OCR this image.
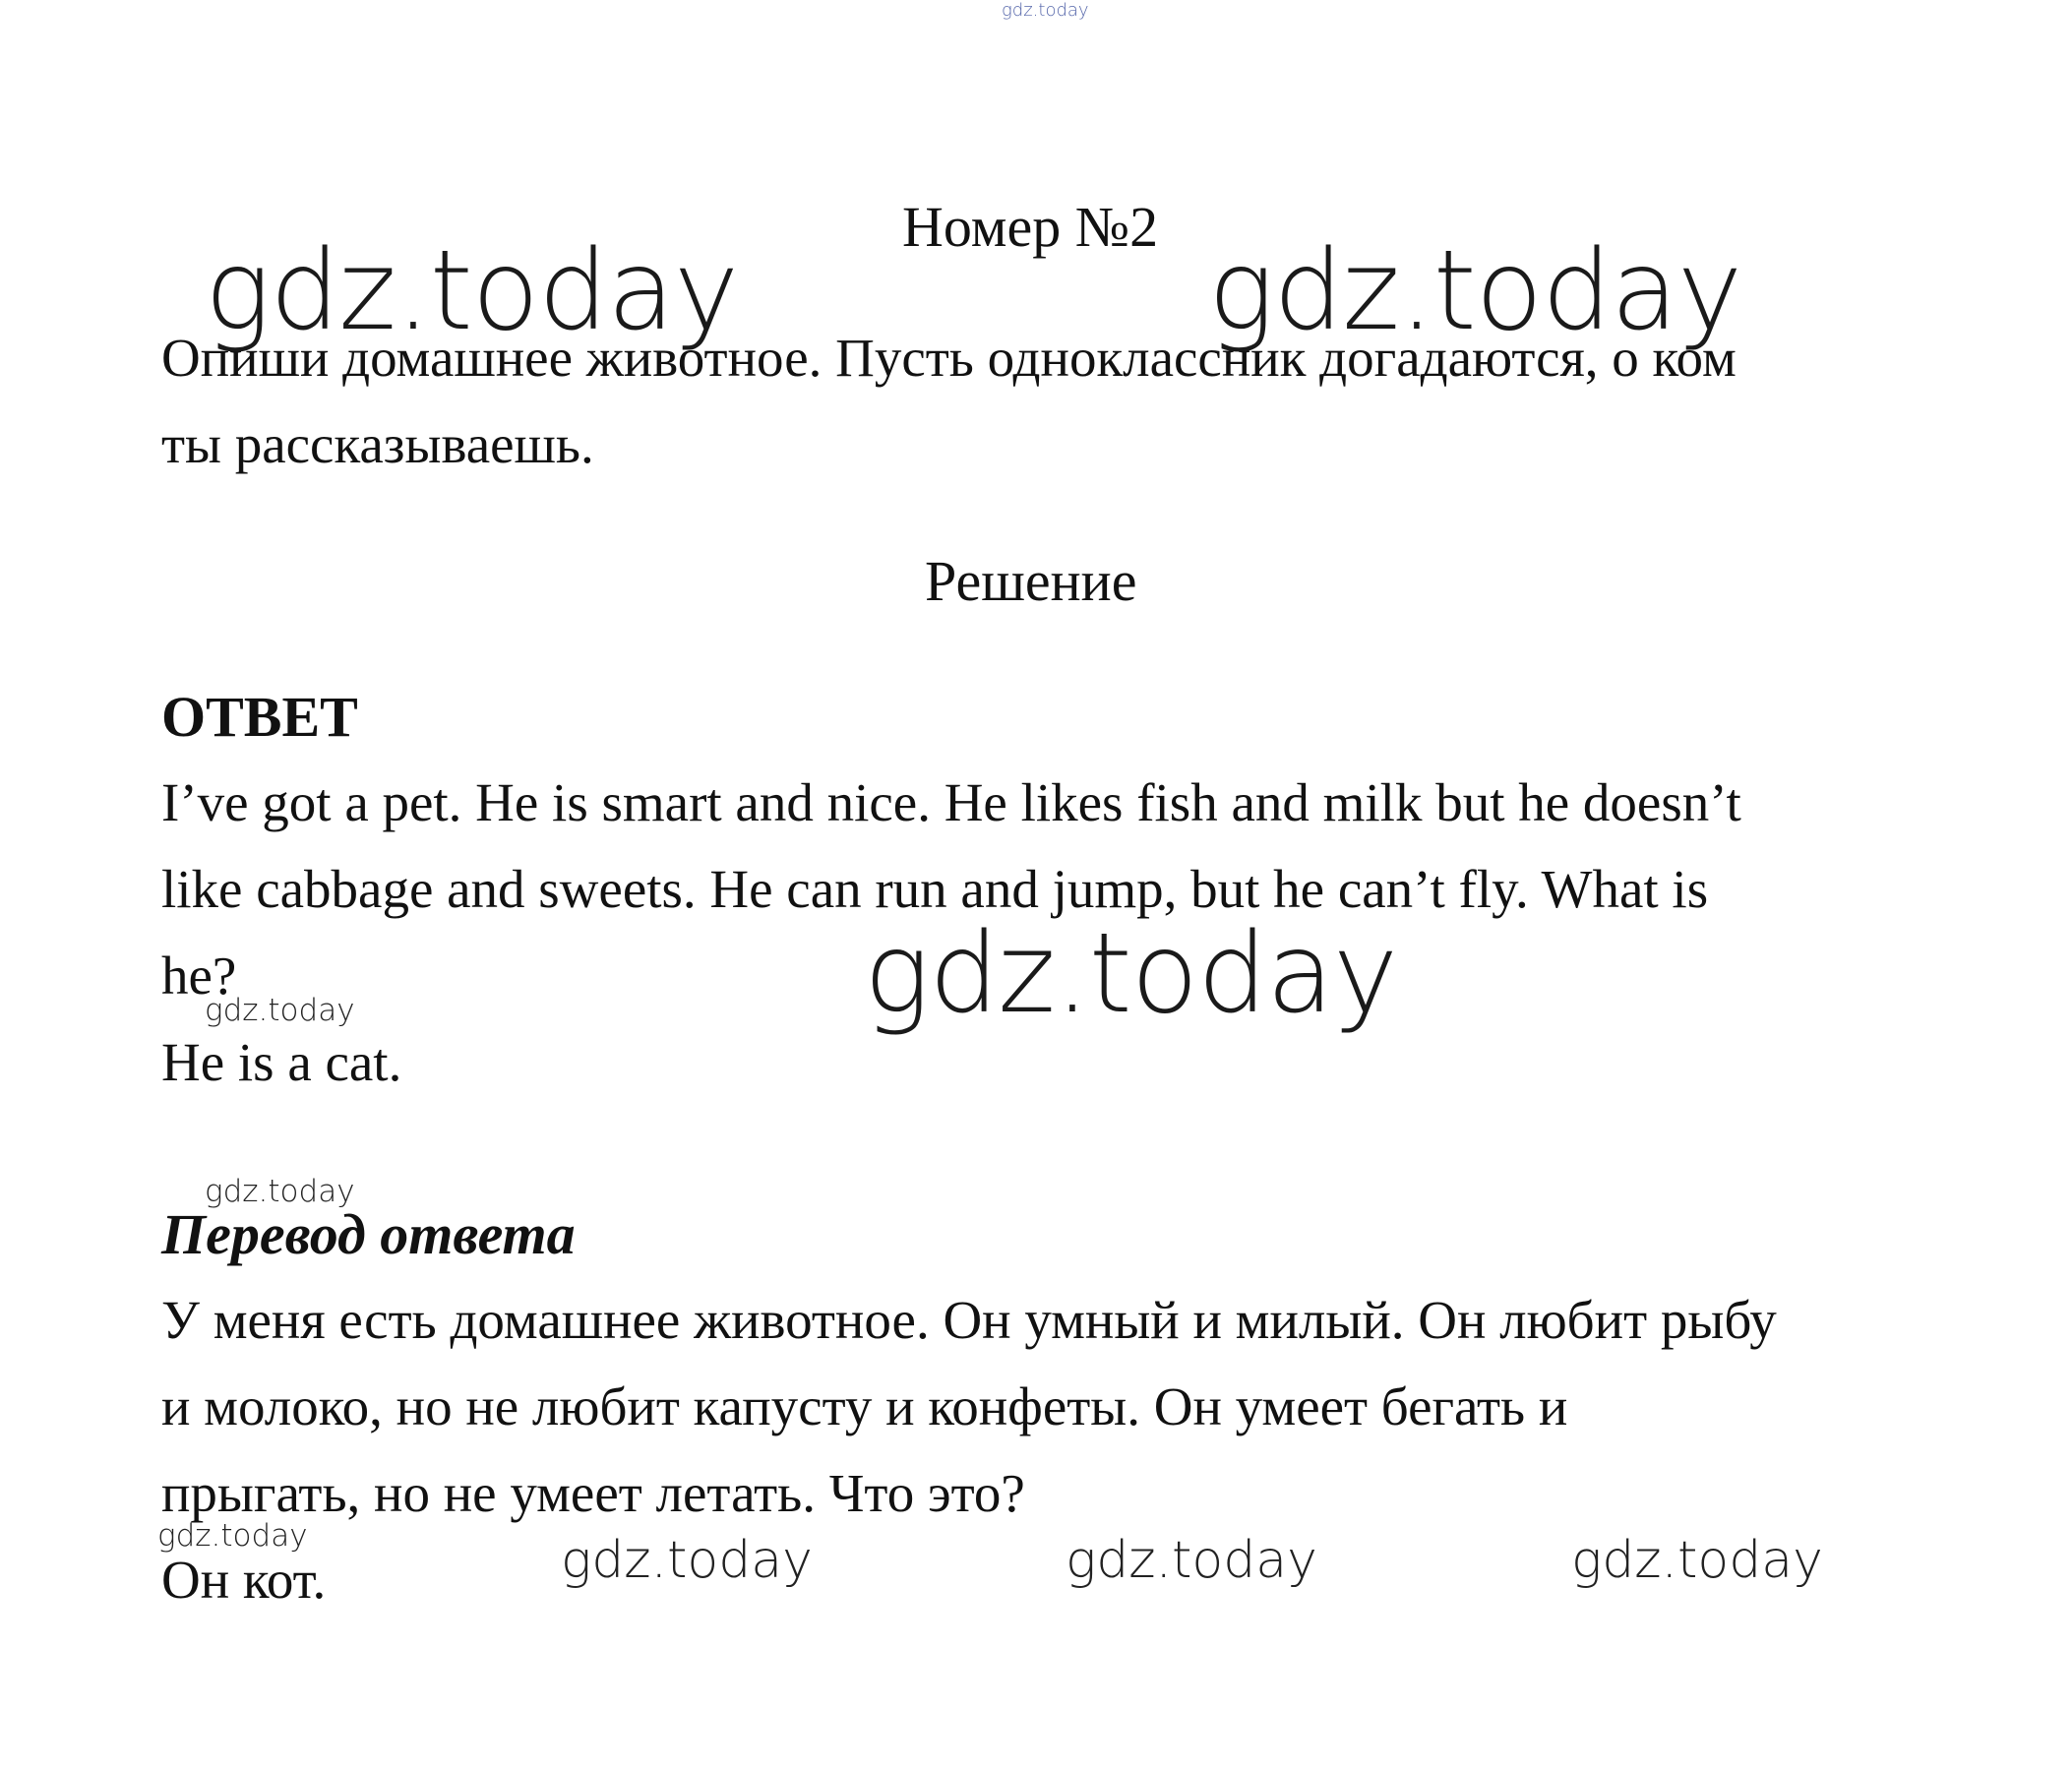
gdz.today
gdz.today	gdz.today
gdz.today
gdz.today
gdz.today
gdz.today	gdz.today	gdz.today	gdz.today
Номер №2
Опиши домашнее животное. Пусть одноклассник догадаются, о ком
ты рассказываешь.
Решение
ОТВЕТ
I’ve got a pet. He is smart and nice. He likes fish and milk but he doesn’t
like cabbage and sweets. He can run and jump, but he can’t fly. What is
he?
He is a cat.
Перевод ответа
У меня есть домашнее животное. Он умный и милый. Он любит рыбу
и молоко, но не любит капусту и конфеты. Он умеет бегать и
прыгать, но не умеет летать. Что это?
Он кот.
